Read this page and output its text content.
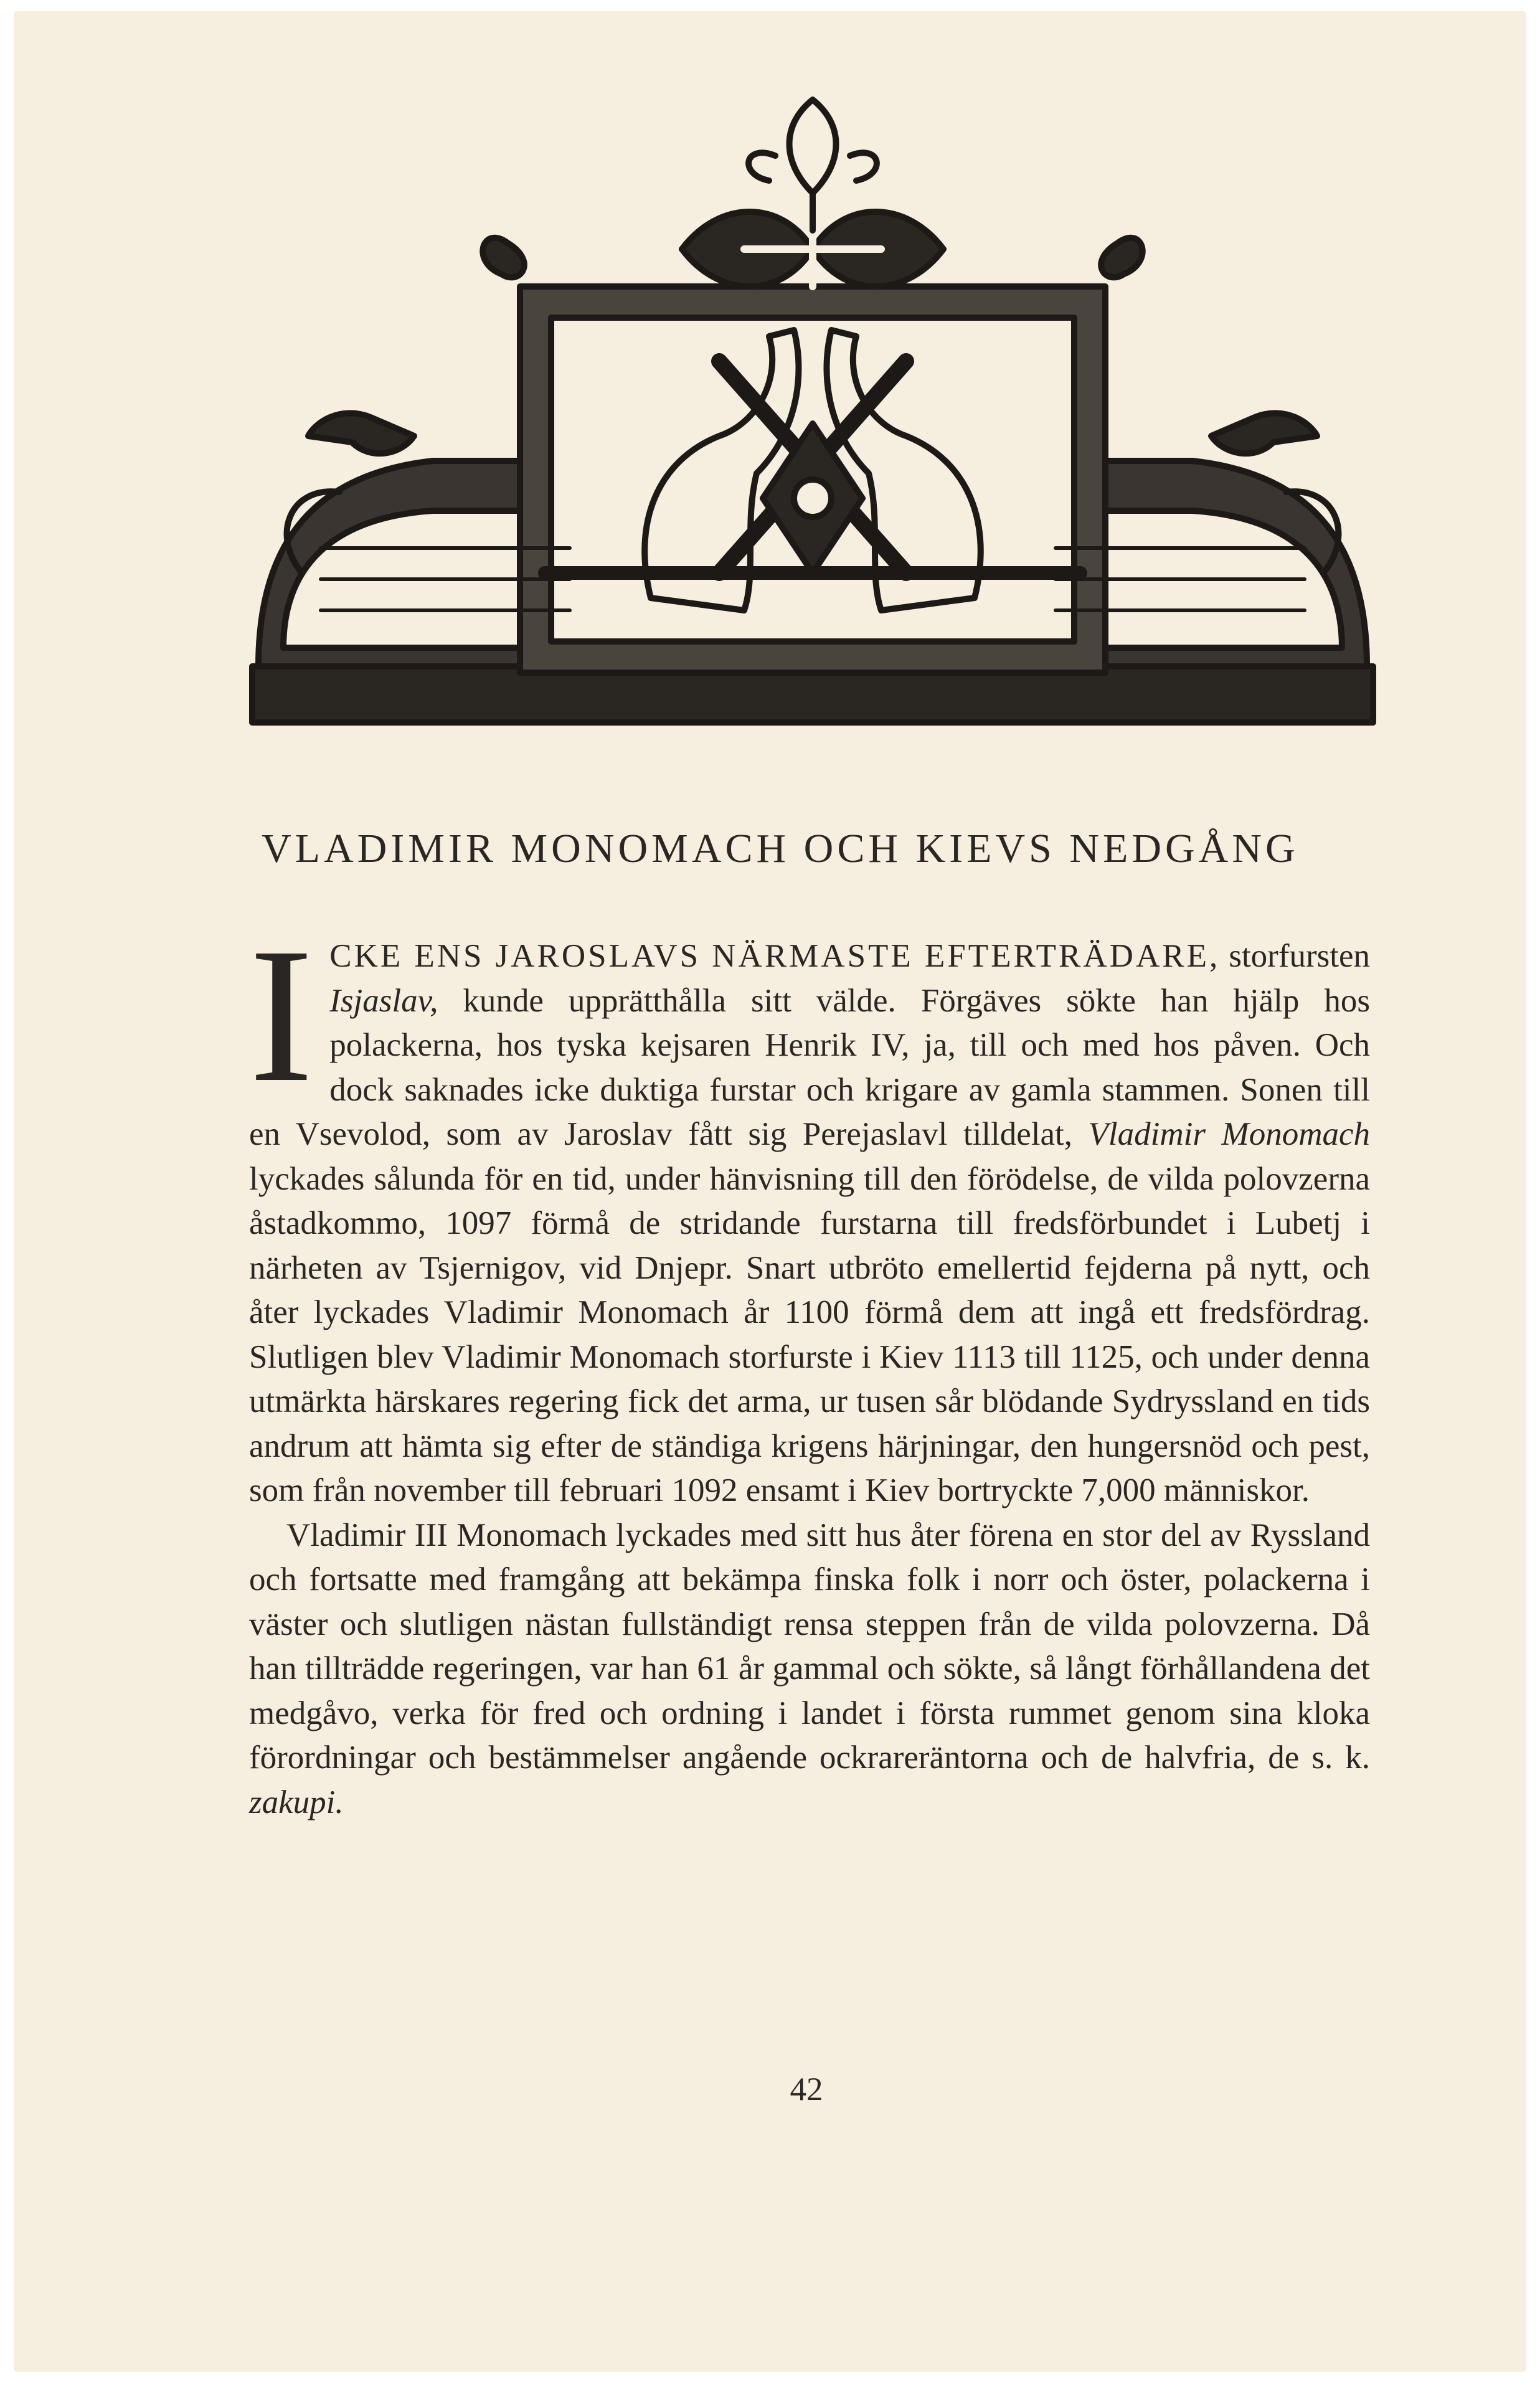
VLADIMIR MONOMACH OCH KIEVS NEDGÅNG

ICKE ENS JAROSLAVS NÄRMASTE EFTERTRÄDARE, storfursten Isjaslav, kunde upprätthålla sitt välde. Förgäves sökte han hjälp hos polackerna, hos tyska kejsaren Henrik IV, ja, till och med hos påven. Och dock saknades icke duktiga furstar och krigare av gamla stammen. Sonen till en Vsevolod, som av Jaroslav fått sig Perejaslavl tilldelat, Vladimir Monomach lyckades sålunda för en tid, under hänvisning till den förödelse, de vilda polovzerna åstadkommo, 1097 förmå de stridande furstarna till fredsförbundet i Lubetj i närheten av Tsjernigov, vid Dnjepr. Snart utbröto emellertid fejderna på nytt, och åter lyckades Vladimir Monomach år 1100 förmå dem att ingå ett fredsfördrag. Slutligen blev Vladimir Monomach storfurste i Kiev 1113 till 1125, och under denna utmärkta härskares regering fick det arma, ur tusen sår blödande Sydryssland en tids andrum att hämta sig efter de ständiga krigens härjningar, den hungersnöd och pest, som från november till februari 1092 ensamt i Kiev bortryckte 7,000 människor.

Vladimir III Monomach lyckades med sitt hus åter förena en stor del av Ryssland och fortsatte med framgång att bekämpa finska folk i norr och öster, polackerna i väster och slutligen nästan fullständigt rensa steppen från de vilda polovzerna. Då han tillträdde regeringen, var han 61 år gammal och sökte, så långt förhållandena det medgåvo, verka för fred och ordning i landet i första rummet genom sina kloka förordningar och bestämmelser angående ockrareräntorna och de halvfria, de s. k. zakupi.

42
